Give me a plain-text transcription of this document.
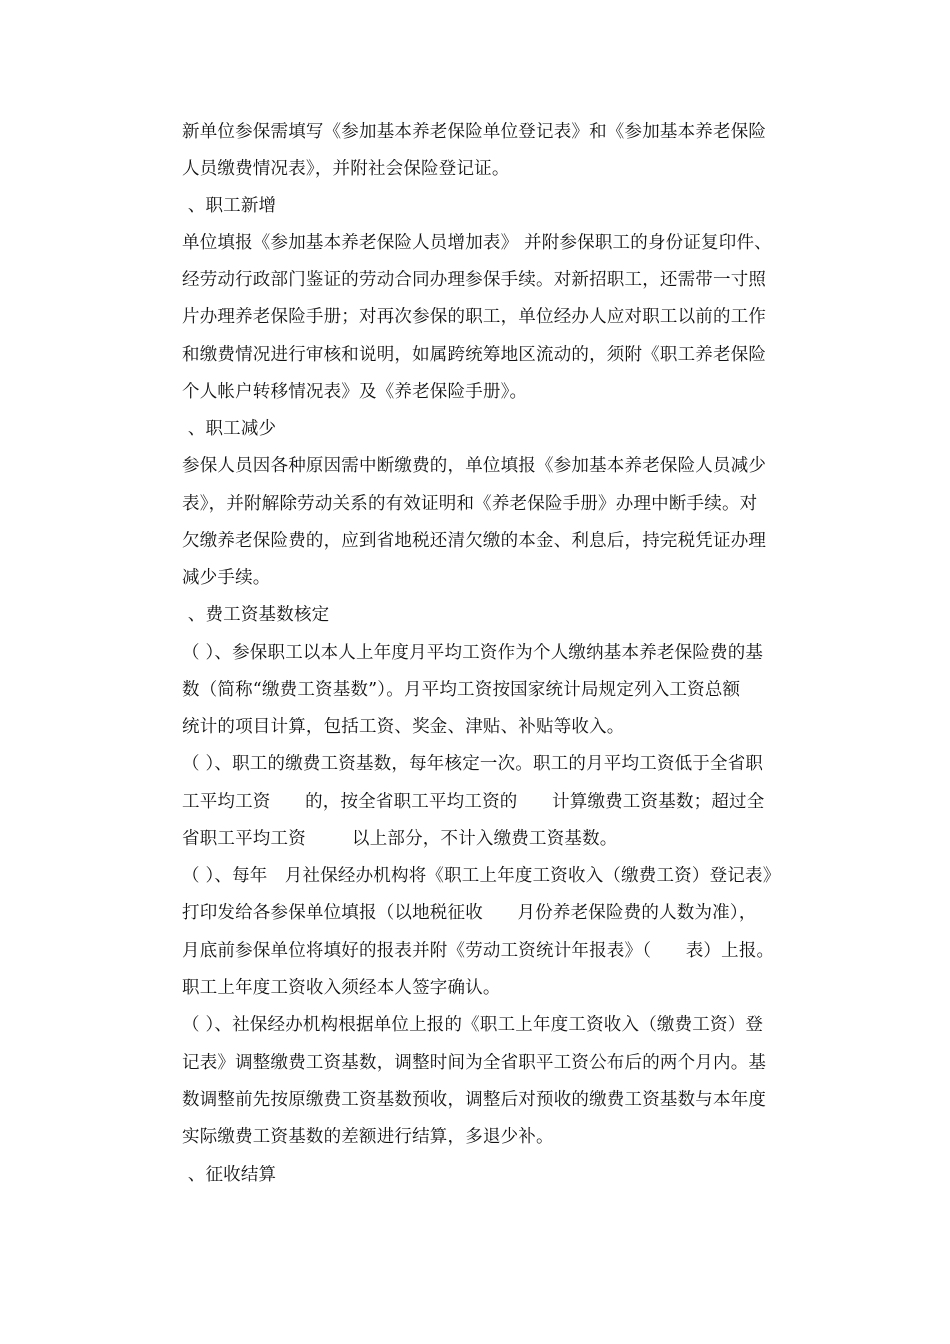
新单位参保需填写《参加基本养老保险单位登记表》和《参加基本养老保险
人员缴费情况表》，并附社会保险登记证。
、职工新增
单位填报《参加基本养老保险人员增加表》 并附参保职工的身份证复印件、
经劳动行政部门鉴证的劳动合同办理参保手续。对新招职工，还需带一寸照
片办理养老保险手册；对再次参保的职工，单位经办人应对职工以前的工作
和缴费情况进行审核和说明，如属跨统筹地区流动的，须附《职工养老保险
个人帐户转移情况表》及《养老保险手册》。
、职工减少
参保人员因各种原因需中断缴费的，单位填报《参加基本养老保险人员减少
表》，并附解除劳动关系的有效证明和《养老保险手册》办理中断手续。对
欠缴养老保险费的，应到省地税还清欠缴的本金、利息后，持完税凭证办理
减少手续。
、费工资基数核定
（ ）、参保职工以本人上年度月平均工资作为个人缴纳基本养老保险费的基
数（简称“缴费工资基数”）。月平均工资按国家统计局规定列入工资总额
统计的项目计算，包括工资、奖金、津贴、补贴等收入。
（ ）、职工的缴费工资基数，每年核定一次。职工的月平均工资低于全省职
工平均工资      的，按全省职工平均工资的      计算缴费工资基数；超过全
省职工平均工资        以上部分，不计入缴费工资基数。
（ ）、每年   月社保经办机构将《职工上年度工资收入（缴费工资）登记表》
打印发给各参保单位填报（以地税征收      月份养老保险费的人数为准），
月底前参保单位将填好的报表并附《劳动工资统计年报表》（      表）上报。
职工上年度工资收入须经本人签字确认。
（ ）、社保经办机构根据单位上报的《职工上年度工资收入（缴费工资）登
记表》调整缴费工资基数，调整时间为全省职平工资公布后的两个月内。基
数调整前先按原缴费工资基数预收，调整后对预收的缴费工资基数与本年度
实际缴费工资基数的差额进行结算，多退少补。
、征收结算
